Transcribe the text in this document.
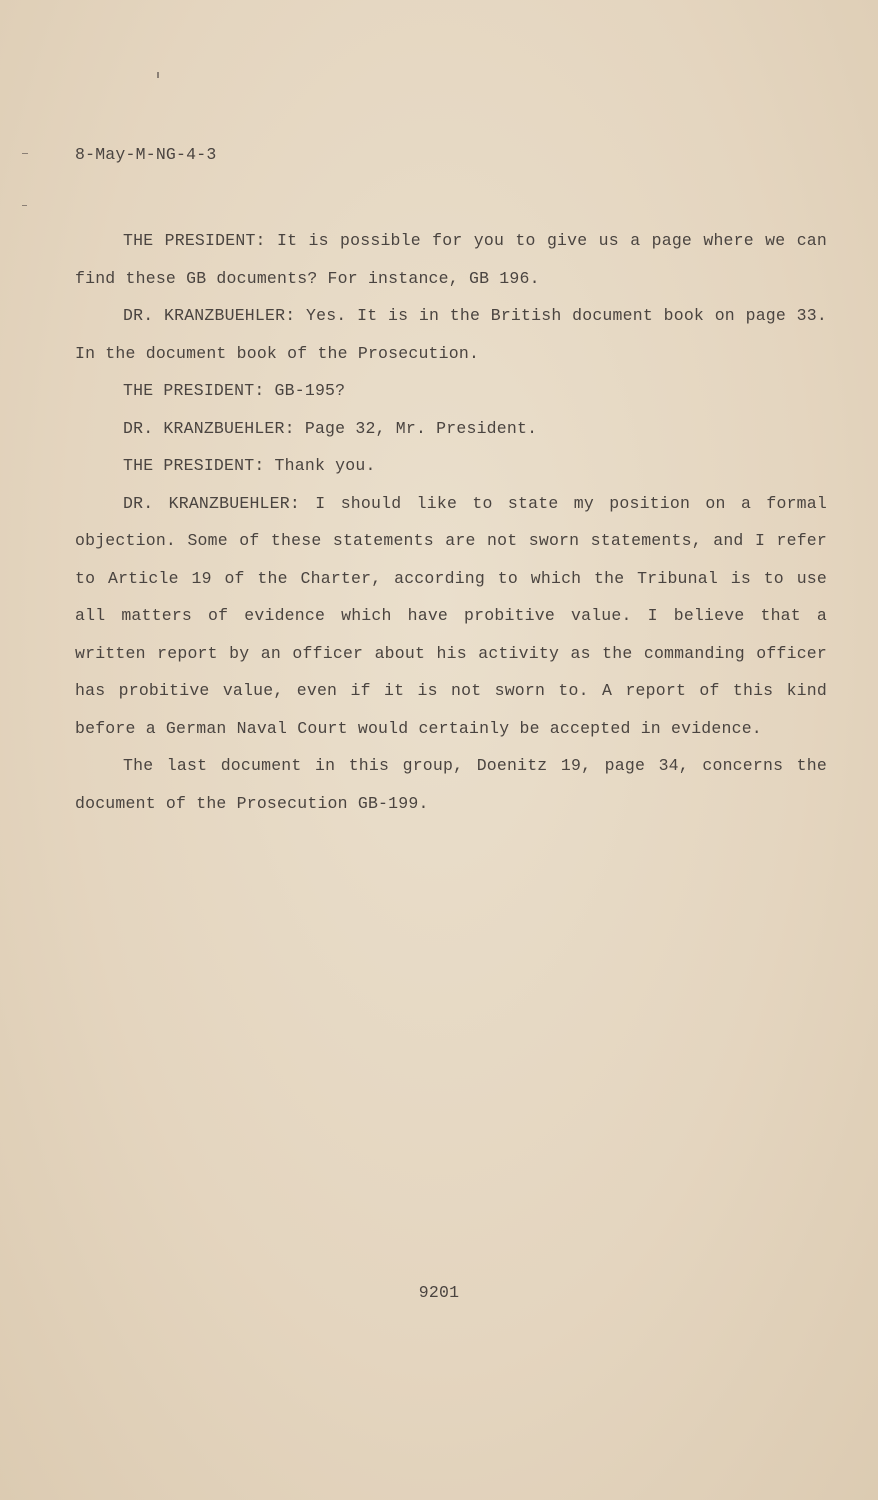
8-May-M-NG-4-3
THE PRESIDENT: It is possible for you to give us a page where we can find these GB documents? For instance, GB 196.
DR. KRANZBUEHLER: Yes. It is in the British document book on page 33. In the document book of the Prosecution.
THE PRESIDENT: GB-195?
DR. KRANZBUEHLER: Page 32, Mr. President.
THE PRESIDENT: Thank you.
DR. KRANZBUEHLER: I should like to state my position on a formal objection. Some of these statements are not sworn statements, and I refer to Article 19 of the Charter, according to which the Tribunal is to use all matters of evidence which have probitive value. I believe that a written report by an officer about his activity as the commanding officer has probitive value, even if it is not sworn to. A report of this kind before a German Naval Court would certainly be accepted in evidence.
The last document in this group, Doenitz 19, page 34, concerns the document of the Prosecution GB-199.
9201
